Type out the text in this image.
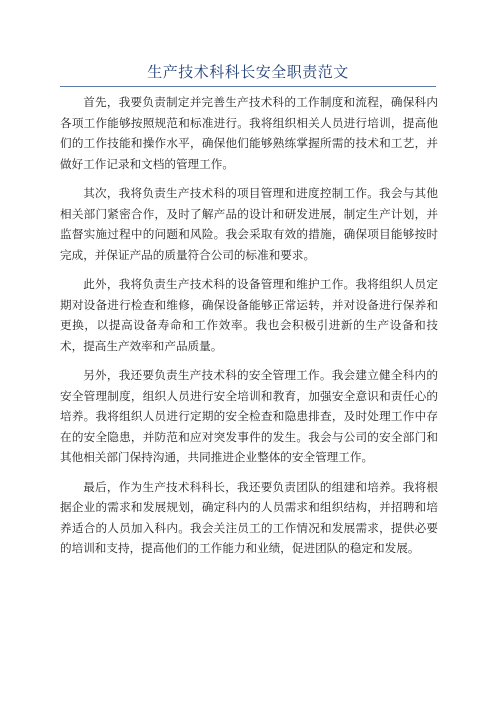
生产技术科科长安全职责范文

首先，我要负责制定并完善生产技术科的工作制度和流程，确保科内各项工作能够按照规范和标准进行。我将组织相关人员进行培训，提高他们的工作技能和操作水平，确保他们能够熟练掌握所需的技术和工艺，并做好工作记录和文档的管理工作。

其次，我将负责生产技术科的项目管理和进度控制工作。我会与其他相关部门紧密合作，及时了解产品的设计和研发进展，制定生产计划，并监督实施过程中的问题和风险。我会采取有效的措施，确保项目能够按时完成，并保证产品的质量符合公司的标准和要求。

此外，我将负责生产技术科的设备管理和维护工作。我将组织人员定期对设备进行检查和维修，确保设备能够正常运转，并对设备进行保养和更换，以提高设备寿命和工作效率。我也会积极引进新的生产设备和技术，提高生产效率和产品质量。

另外，我还要负责生产技术科的安全管理工作。我会建立健全科内的安全管理制度，组织人员进行安全培训和教育，加强安全意识和责任心的培养。我将组织人员进行定期的安全检查和隐患排查，及时处理工作中存在的安全隐患，并防范和应对突发事件的发生。我会与公司的安全部门和其他相关部门保持沟通，共同推进企业整体的安全管理工作。

最后，作为生产技术科科长，我还要负责团队的组建和培养。我将根据企业的需求和发展规划，确定科内的人员需求和组织结构，并招聘和培养适合的人员加入科内。我会关注员工的工作情况和发展需求，提供必要的培训和支持，提高他们的工作能力和业绩，促进团队的稳定和发展。
